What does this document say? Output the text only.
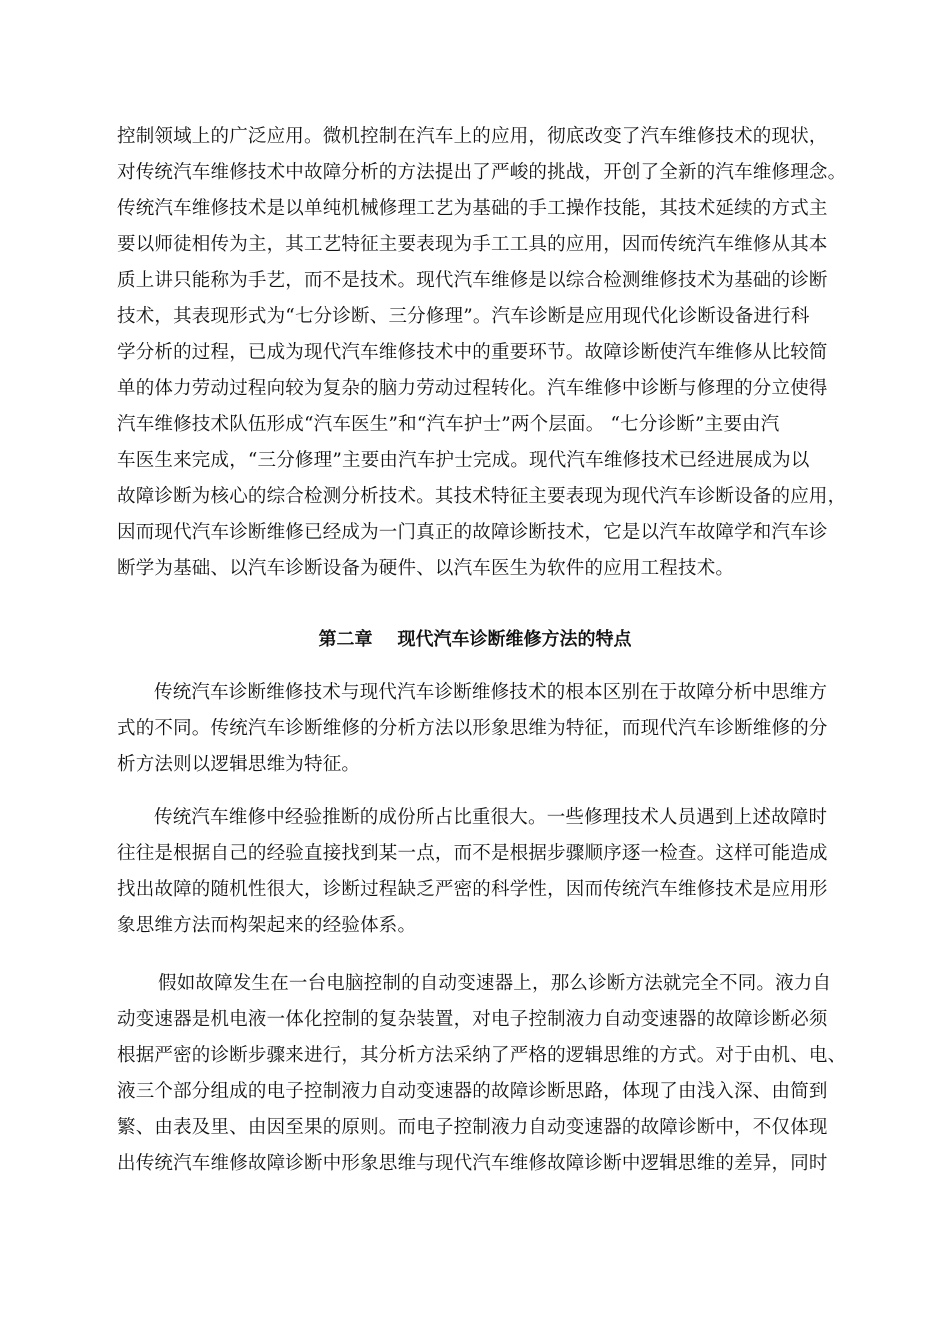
控制领域上的广泛应用。微机控制在汽车上的应用，彻底改变了汽车维修技术的现状，
对传统汽车维修技术中故障分析的方法提出了严峻的挑战，开创了全新的汽车维修理念。
传统汽车维修技术是以单纯机械修理工艺为基础的手工操作技能，其技术延续的方式主
要以师徒相传为主，其工艺特征主要表现为手工工具的应用，因而传统汽车维修从其本
质上讲只能称为手艺，而不是技术。现代汽车维修是以综合检测维修技术为基础的诊断
技术，其表现形式为“七分诊断、三分修理”。汽车诊断是应用现代化诊断设备进行科
学分析的过程，已成为现代汽车维修技术中的重要环节。故障诊断使汽车维修从比较简
单的体力劳动过程向较为复杂的脑力劳动过程转化。汽车维修中诊断与修理的分立使得
汽车维修技术队伍形成“汽车医生”和“汽车护士”两个层面。 “七分诊断”主要由汽
车医生来完成，“三分修理”主要由汽车护士完成。现代汽车维修技术已经进展成为以
故障诊断为核心的综合检测分析技术。其技术特征主要表现为现代汽车诊断设备的应用，
因而现代汽车诊断维修已经成为一门真正的故障诊断技术，它是以汽车故障学和汽车诊
断学为基础、以汽车诊断设备为硬件、以汽车医生为软件的应用工程技术。
第二章    现代汽车诊断维修方法的特点
传统汽车诊断维修技术与现代汽车诊断维修技术的根本区别在于故障分析中思维方
式的不同。传统汽车诊断维修的分析方法以形象思维为特征，而现代汽车诊断维修的分
析方法则以逻辑思维为特征。
传统汽车维修中经验推断的成份所占比重很大。一些修理技术人员遇到上述故障时
往往是根据自己的经验直接找到某一点，而不是根据步骤顺序逐一检查。这样可能造成
找出故障的随机性很大，诊断过程缺乏严密的科学性，因而传统汽车维修技术是应用形
象思维方法而构架起来的经验体系。
假如故障发生在一台电脑控制的自动变速器上，那么诊断方法就完全不同。液力自
动变速器是机电液一体化控制的复杂装置，对电子控制液力自动变速器的故障诊断必须
根据严密的诊断步骤来进行，其分析方法采纳了严格的逻辑思维的方式。对于由机、电、
液三个部分组成的电子控制液力自动变速器的故障诊断思路，体现了由浅入深、由简到
繁、由表及里、由因至果的原则。而电子控制液力自动变速器的故障诊断中，不仅体现
出传统汽车维修故障诊断中形象思维与现代汽车维修故障诊断中逻辑思维的差异，同时
